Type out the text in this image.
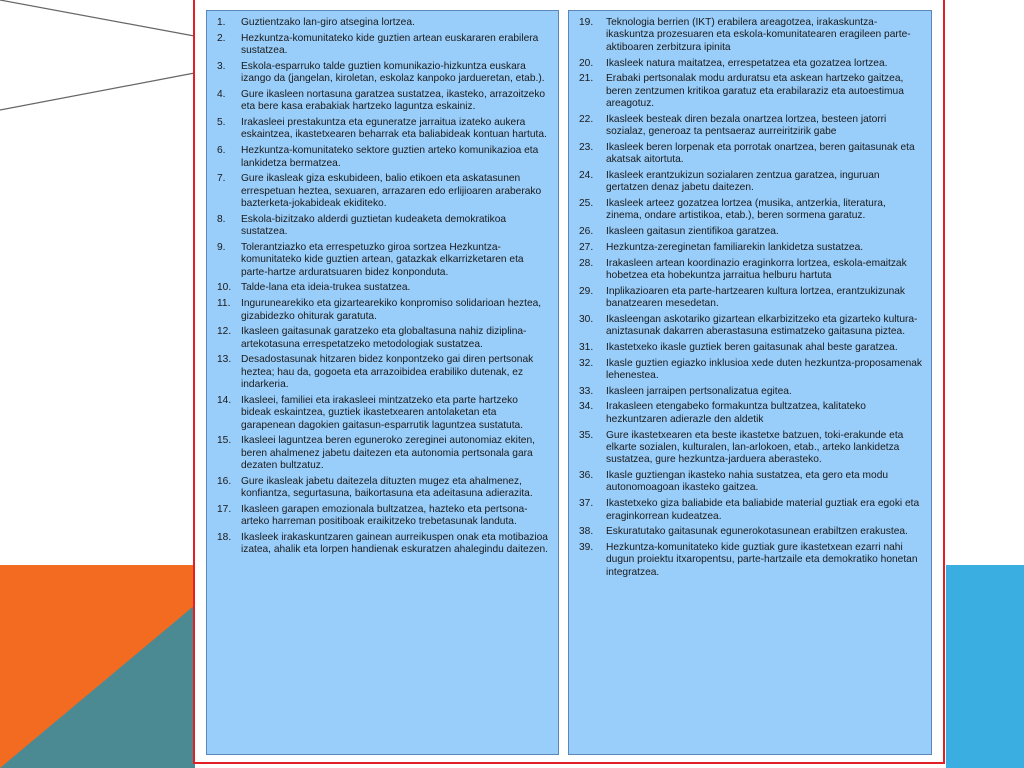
1.	Guztientzako lan-giro atsegina lortzea.
2.	Hezkuntza-komunitateko kide guztien artean euskararen erabilera sustatzea.
3.	Eskola-esparruko talde guztien komunikazio-hizkuntza euskara izango da (jangelan, kiroletan, eskolaz kanpoko jardueretan, etab.).
4.	Gure ikasleen nortasuna garatzea sustatzea, ikasteko, arrazoitzeko eta bere kasa erabakiak hartzeko laguntza eskainiz.
5.	Irakasleei prestakuntza eta eguneratze jarraitua izateko aukera eskaintzea, ikastetxearen beharrak eta baliabideak kontuan hartuta.
6.	Hezkuntza-komunitateko sektore guztien arteko komunikazioa eta lankidetza bermatzea.
7.	Gure ikasleak giza eskubideen, balio etikoen eta askatasunen errespetuan heztea, sexuaren, arrazaren edo erlijioaren araberako bazterketa-jokabideak ekiditeko.
8.	Eskola-bizitzako alderdi guztietan kudeaketa demokratikoa sustatzea.
9.	Tolerantziazko eta errespetuzko giroa sortzea Hezkuntza-komunitateko kide guztien artean, gatazkak elkarrizketaren eta parte-hartze arduratsuaren bidez konponduta.
10. Talde-lana eta ideia-trukea sustatzea.
11.	Ingurunearekiko eta gizartearekiko konpromiso solidarioan heztea, gizabidezko ohiturak garatuta.
12. Ikasleen gaitasunak garatzeko eta globaltasuna nahiz diziplina-artekotasuna errespetatzeko metodologiak sustatzea.
13. Desadostasunak hitzaren bidez konpontzeko gai diren pertsonak heztea; hau da, gogoeta eta arrazoibidea erabiliko dutenak, ez indarkeria.
14. Ikasleei, familiei eta irakasleei mintzatzeko eta parte hartzeko bideak eskaintzea, guztiek ikastetxearen antolaketan eta garapenean dagokien gaitasun-esparrutik laguntzea sustatuta.
15. Ikasleei laguntzea beren eguneroko zereginei autonomiaz ekiten, beren ahalmenez jabetu daitezen eta autonomia pertsonala gara dezaten bultzatuz.
16. Gure ikasleak jabetu daitezela dituzten mugez eta ahalmenez, konfiantza, segurtasuna, baikortasuna eta adeitasuna adierazita.
17. Ikasleen garapen emozionala bultzatzea, hazteko eta pertsona-arteko harreman positiboak eraikitzeko trebetasunak landuta.
18. Ikasleek irakaskuntzaren gainean aurreikuspen onak eta motibazioa izatea, ahalik eta lorpen handienak eskuratzen ahalegindu daitezen.
19.	Teknologia berrien (IKT) erabilera areagotzea, irakaskuntza-ikaskuntza prozesuaren eta eskola-komunitatearen eragileen parte-aktiboaren zerbitzura ipinita
20.	Ikasleek natura maitatzea, errespetatzea eta gozatzea lortzea.
21.	Erabaki pertsonalak modu arduratsu eta askean hartzeko gaitzea, beren zentzumen kritikoa garatuz eta erabilaraziz eta autoestimua areagotuz.
22.	Ikasleek besteak diren bezala onartzea lortzea, besteen jatorri sozialaz, generoaz ta pentsaeraz aurreiritzirik gabe
23.	Ikasleek beren lorpenak eta porrotak onartzea, beren gaitasunak eta akatsak aitortuta.
24.	Ikasleek erantzukizun sozialaren zentzua garatzea, inguruan gertatzen denaz jabetu daitezen.
25.	Ikasleek arteez gozatzea lortzea (musika, antzerkia, literatura, zinema, ondare artistikoa, etab.), beren sormena garatuz.
26.	Ikasleen gaitasun zientifikoa garatzea.
27.	Hezkuntza-zereginetan familiarekin lankidetza sustatzea.
28.	Irakasleen artean koordinazio eraginkorra lortzea, eskola-emaitzak hobetzea eta hobekuntza jarraitua helburu hartuta
29.	Inplikazioaren eta parte-hartzearen kultura lortzea, erantzukizunak banatzearen mesedetan.
30.	Ikasleengan askotariko gizartean elkarbizitzeko eta gizarteko kultura-aniztasunak dakarren aberastasuna estimatzeko gaitasuna piztea.
31.	Ikastetxeko ikasle guztiek beren gaitasunak ahal beste garatzea.
32.	Ikasle guztien egiazko inklusioa xede duten hezkuntza-proposamenak lehenestea.
33.	Ikasleen jarraipen pertsonalizatua egitea.
34.	Irakasleen etengabeko formakuntza bultzatzea, kalitateko hezkuntzaren adierazle den aldetik
35.	Gure ikastetxearen eta beste ikastetxe batzuen, toki-erakunde eta elkarte sozialen, kulturalen, lan-arlokoen, etab., arteko lankidetza sustatzea, gure hezkuntza-jarduera aberasteko.
36.	Ikasle guztiengan ikasteko nahia sustatzea, eta gero eta modu autonomoagoan ikasteko gaitzea.
37.	Ikastetxeko giza baliabide eta baliabide material guztiak era egoki eta eraginkorrean kudeatzea.
38.	Eskuratutako gaitasunak egunerokotasunean erabiltzen erakustea.
39.	Hezkuntza-komunitateko kide guztiak gure ikastetxean ezarri nahi dugun proiektu itxaropentsu, parte-hartzaile eta demokratiko honetan integratzea.
